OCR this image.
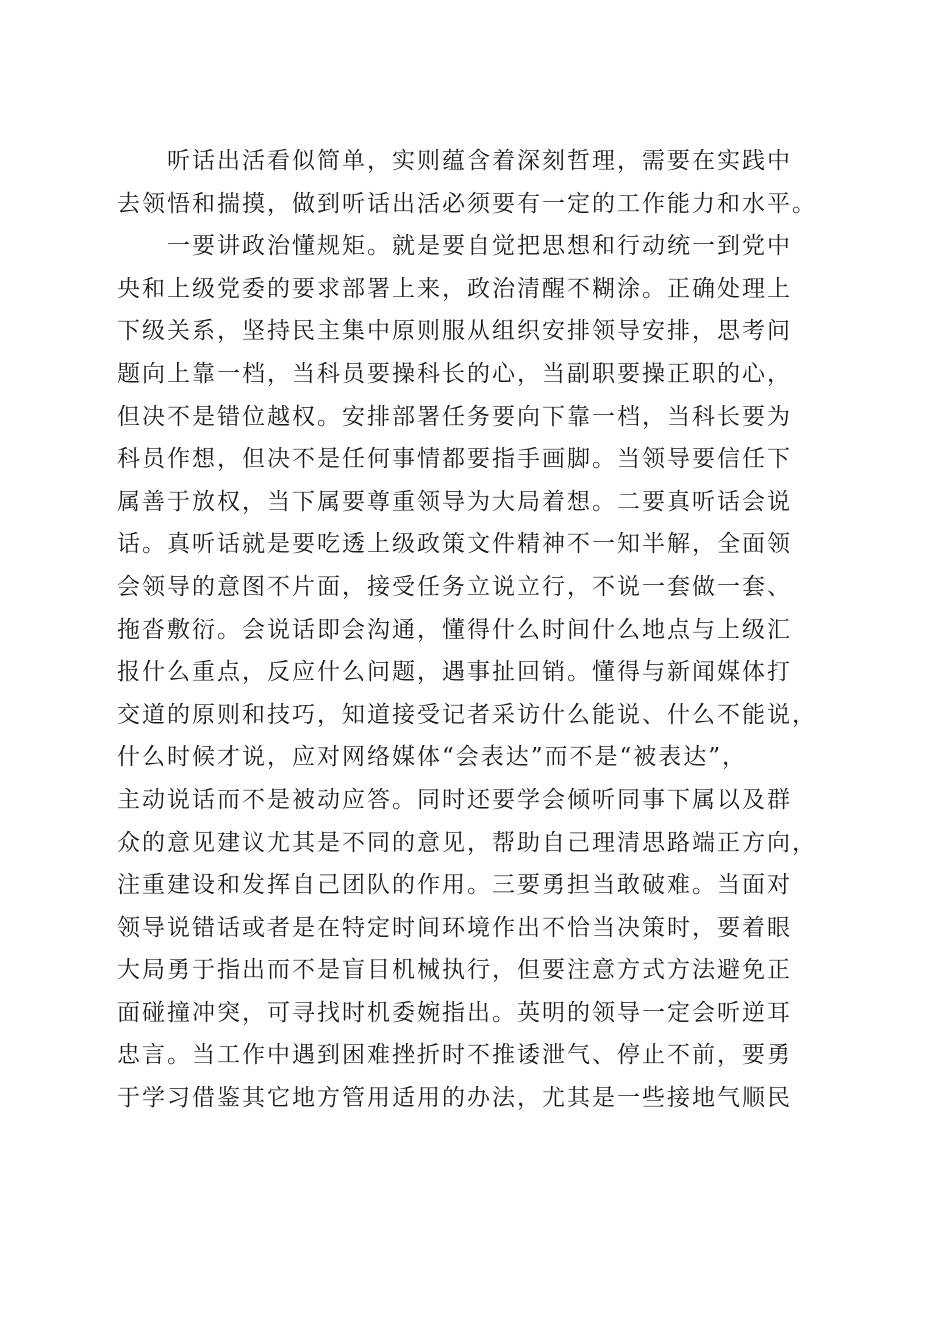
听话出活看似简单，实则蕴含着深刻哲理，需要在实践中
去领悟和揣摸，做到听话出活必须要有一定的工作能力和水平。
一要讲政治懂规矩。就是要自觉把思想和行动统一到党中
央和上级党委的要求部署上来，政治清醒不糊涂。正确处理上
下级关系，坚持民主集中原则服从组织安排领导安排，思考问
题向上靠一档，当科员要操科长的心，当副职要操正职的心，
但决不是错位越权。安排部署任务要向下靠一档，当科长要为
科员作想，但决不是任何事情都要指手画脚。当领导要信任下
属善于放权，当下属要尊重领导为大局着想。二要真听话会说
话。真听话就是要吃透上级政策文件精神不一知半解，全面领
会领导的意图不片面，接受任务立说立行，不说一套做一套、
拖沓敷衍。会说话即会沟通，懂得什么时间什么地点与上级汇
报什么重点，反应什么问题，遇事扯回销。懂得与新闻媒体打
交道的原则和技巧，知道接受记者采访什么能说、什么不能说，
什么时候才说，应对网络媒体“会表达”而不是“被表达”，
主动说话而不是被动应答。同时还要学会倾听同事下属以及群
众的意见建议尤其是不同的意见，帮助自己理清思路端正方向，
注重建设和发挥自己团队的作用。三要勇担当敢破难。当面对
领导说错话或者是在特定时间环境作出不恰当决策时，要着眼
大局勇于指出而不是盲目机械执行，但要注意方式方法避免正
面碰撞冲突，可寻找时机委婉指出。英明的领导一定会听逆耳
忠言。当工作中遇到困难挫折时不推诿泄气、停止不前，要勇
于学习借鉴其它地方管用适用的办法，尤其是一些接地气顺民
